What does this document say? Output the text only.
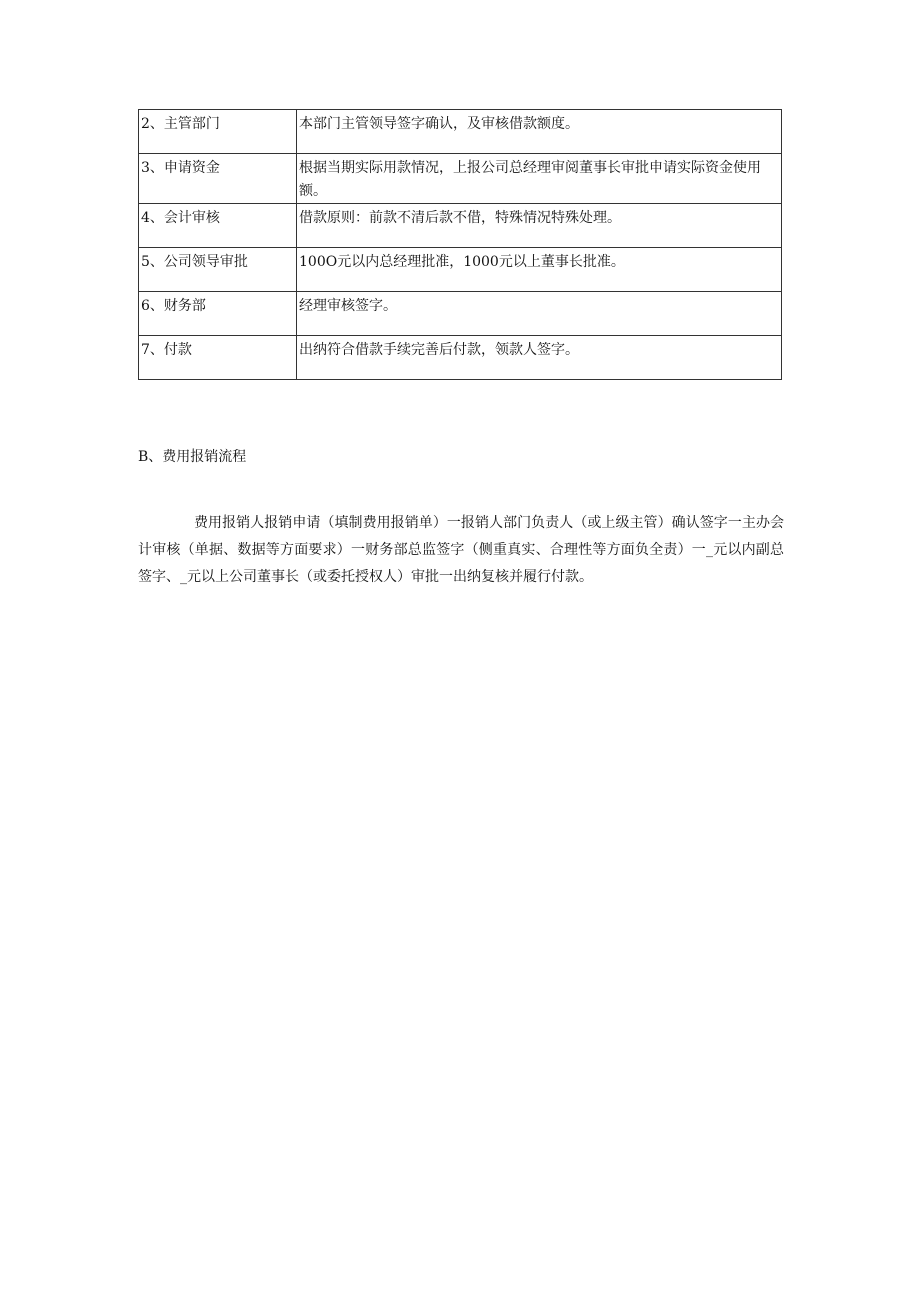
2、主管部门	本部门主管领导签字确认，及审核借款额度。
3、申请资金	根据当期实际用款情况，上报公司总经理审阅董事长审批申请实际资金使用额。
4、会计审核	借款原则：前款不清后款不借，特殊情况特殊处理。
5、公司领导审批	100O元以内总经理批准，1000元以上董事长批准。
6、财务部	经理审核签字。
7、付款	出纳符合借款手续完善后付款，领款人签字。
B、费用报销流程

费用报销人报销申请（填制费用报销单）一报销人部门负责人（或上级主管）确认签字一主办会计审核（单据、数据等方面要求）一财务部总监签字（侧重真实、合理性等方面负全责）一_元以内副总签字、_元以上公司董事长（或委托授权人）审批一出纳复核并履行付款。
